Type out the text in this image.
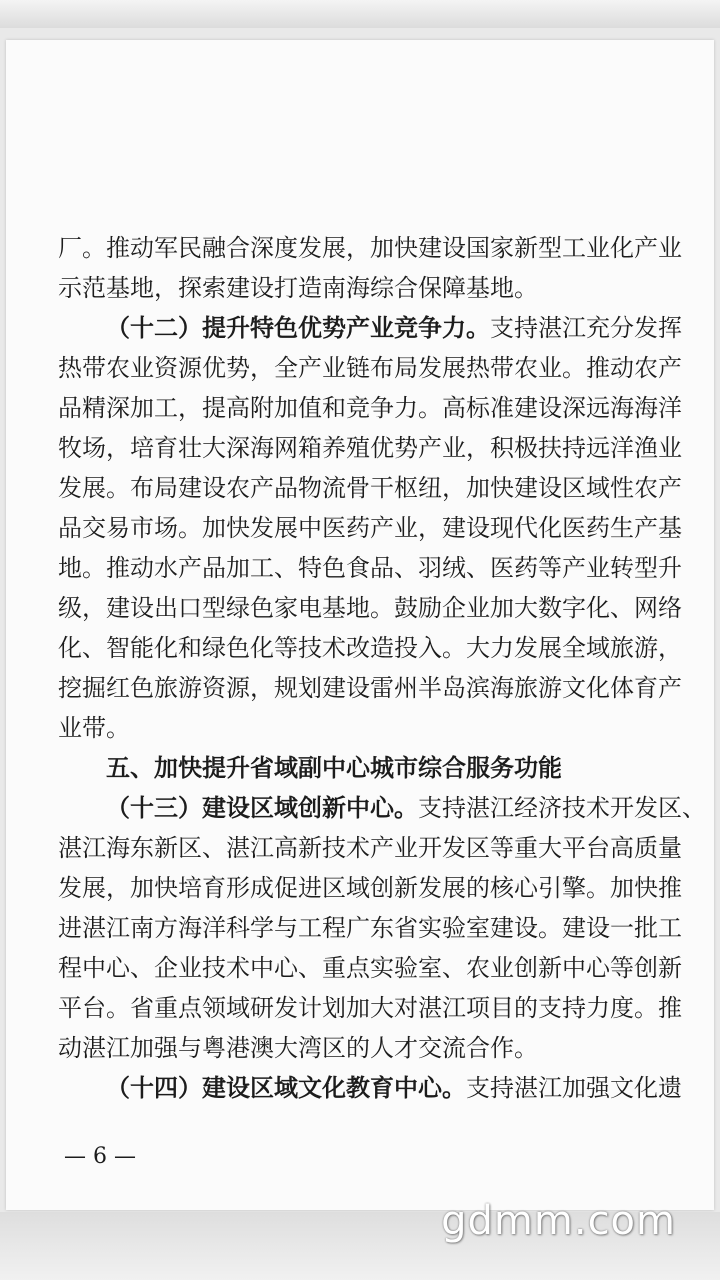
厂。推动军民融合深度发展，加快建设国家新型工业化产业
示范基地，探索建设打造南海综合保障基地。
（十二）提升特色优势产业竞争力。支持湛江充分发挥
热带农业资源优势，全产业链布局发展热带农业。推动农产
品精深加工，提高附加值和竞争力。高标准建设深远海海洋
牧场，培育壮大深海网箱养殖优势产业，积极扶持远洋渔业
发展。布局建设农产品物流骨干枢纽，加快建设区域性农产
品交易市场。加快发展中医药产业，建设现代化医药生产基
地。推动水产品加工、特色食品、羽绒、医药等产业转型升
级，建设出口型绿色家电基地。鼓励企业加大数字化、网络
化、智能化和绿色化等技术改造投入。大力发展全域旅游，
挖掘红色旅游资源，规划建设雷州半岛滨海旅游文化体育产
业带。
五、加快提升省域副中心城市综合服务功能
（十三）建设区域创新中心。支持湛江经济技术开发区、
湛江海东新区、湛江高新技术产业开发区等重大平台高质量
发展，加快培育形成促进区域创新发展的核心引擎。加快推
进湛江南方海洋科学与工程广东省实验室建设。建设一批工
程中心、企业技术中心、重点实验室、农业创新中心等创新
平台。省重点领域研发计划加大对湛江项目的支持力度。推
动湛江加强与粤港澳大湾区的人才交流合作。
（十四）建设区域文化教育中心。支持湛江加强文化遗
— 6 —
gdmm.com
